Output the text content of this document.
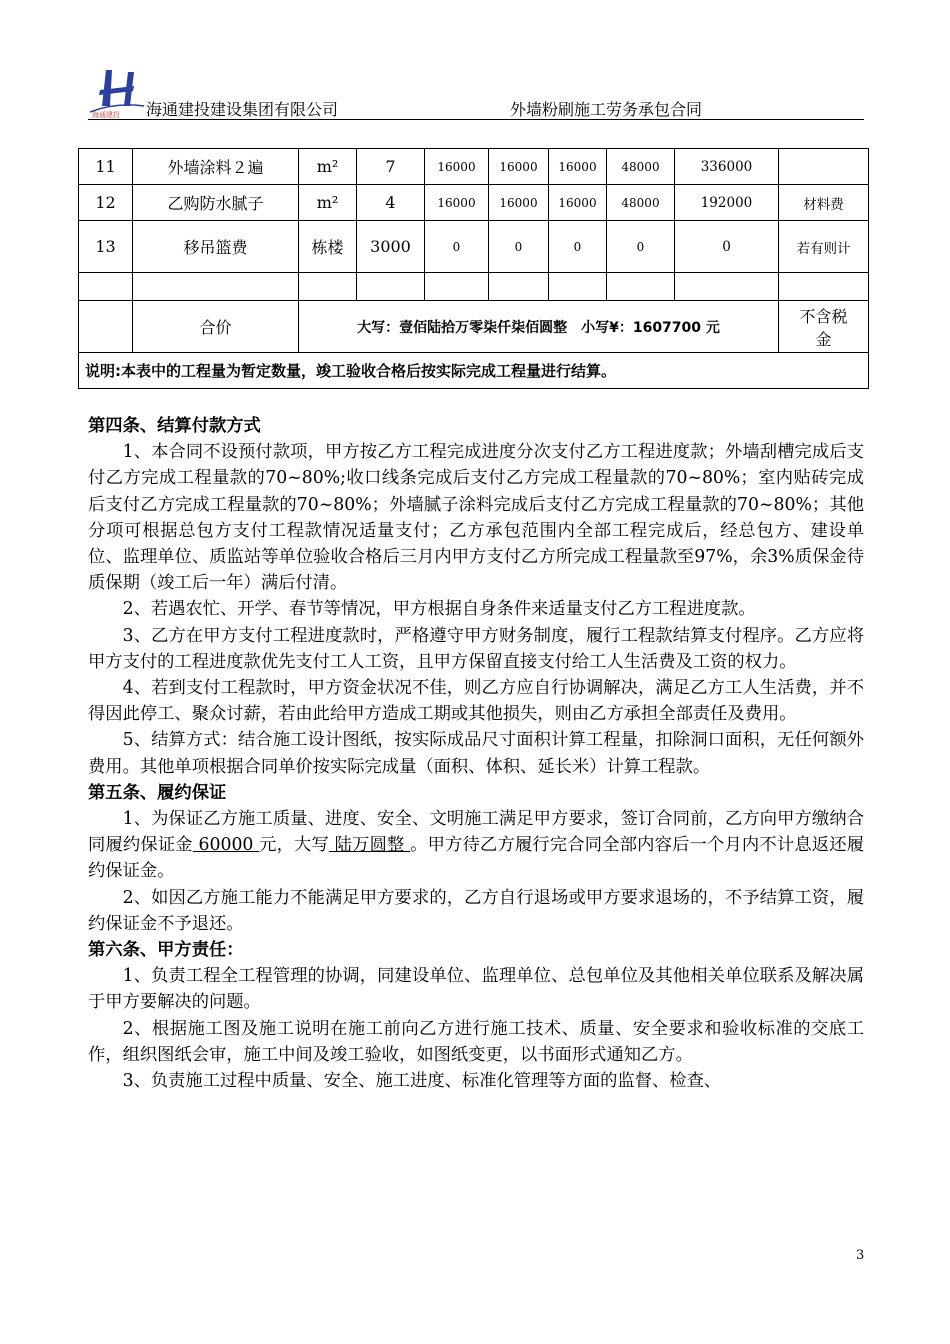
海通建投 海通建投建设集团有限公司	外墙粉刷施工劳务承包合同
11	外墙涂料２遍	m²	7	16000	16000	16000	48000	336000	
12	乙购防水腻子	m²	4	16000	16000	16000	48000	192000	材料费
13	移吊篮费	栋楼	3000	0	0	0	0	0	若有则计

	合价	大写：壹佰陆拾万零柒仟柒佰圆整　小写¥：1607700 元							不含税
金

说明:本表中的工程量为暂定数量，竣工验收合格后按实际完成工程量进行结算。									
第四条、结算付款方式

1、本合同不设预付款项，甲方按乙方工程完成进度分次支付乙方工程进度款；外墙刮槽完成后支付乙方完成工程量款的70~80%;收口线条完成后支付乙方完成工程量款的70~80%；室内贴砖完成后支付乙方完成工程量款的70~80%；外墙腻子涂料完成后支付乙方完成工程量款的70~80%；其他分项可根据总包方支付工程款情况适量支付；乙方承包范围内全部工程完成后，经总包方、建设单位、监理单位、质监站等单位验收合格后三月内甲方支付乙方所完成工程量款至97%，余3%质保金待质保期（竣工后一年）满后付清。

2、若遇农忙、开学、春节等情况，甲方根据自身条件来适量支付乙方工程进度款。

3、乙方在甲方支付工程进度款时，严格遵守甲方财务制度，履行工程款结算支付程序。乙方应将甲方支付的工程进度款优先支付工人工资，且甲方保留直接支付给工人生活费及工资的权力。

4、若到支付工程款时，甲方资金状况不佳，则乙方应自行协调解决，满足乙方工人生活费，并不得因此停工、聚众讨薪，若由此给甲方造成工期或其他损失，则由乙方承担全部责任及费用。

5、结算方式：结合施工设计图纸，按实际成品尺寸面积计算工程量，扣除洞口面积，无任何额外费用。其他单项根据合同单价按实际完成量（面积、体积、延长米）计算工程款。

第五条、履约保证

1、为保证乙方施工质量、进度、安全、文明施工满足甲方要求，签订合同前，乙方向甲方缴纳合同履约保证金 60000 元，大写 陆万圆整 。甲方待乙方履行完合同全部内容后一个月内不计息返还履约保证金。

2、如因乙方施工能力不能满足甲方要求的，乙方自行退场或甲方要求退场的，不予结算工资，履约保证金不予退还。

第六条、甲方责任：

1、负责工程全工程管理的协调，同建设单位、监理单位、总包单位及其他相关单位联系及解决属于甲方要解决的问题。

2、根据施工图及施工说明在施工前向乙方进行施工技术、质量、安全要求和验收标准的交底工作，组织图纸会审，施工中间及竣工验收，如图纸变更，以书面形式通知乙方。

3、负责施工过程中质量、安全、施工进度、标准化管理等方面的监督、检查、

3
